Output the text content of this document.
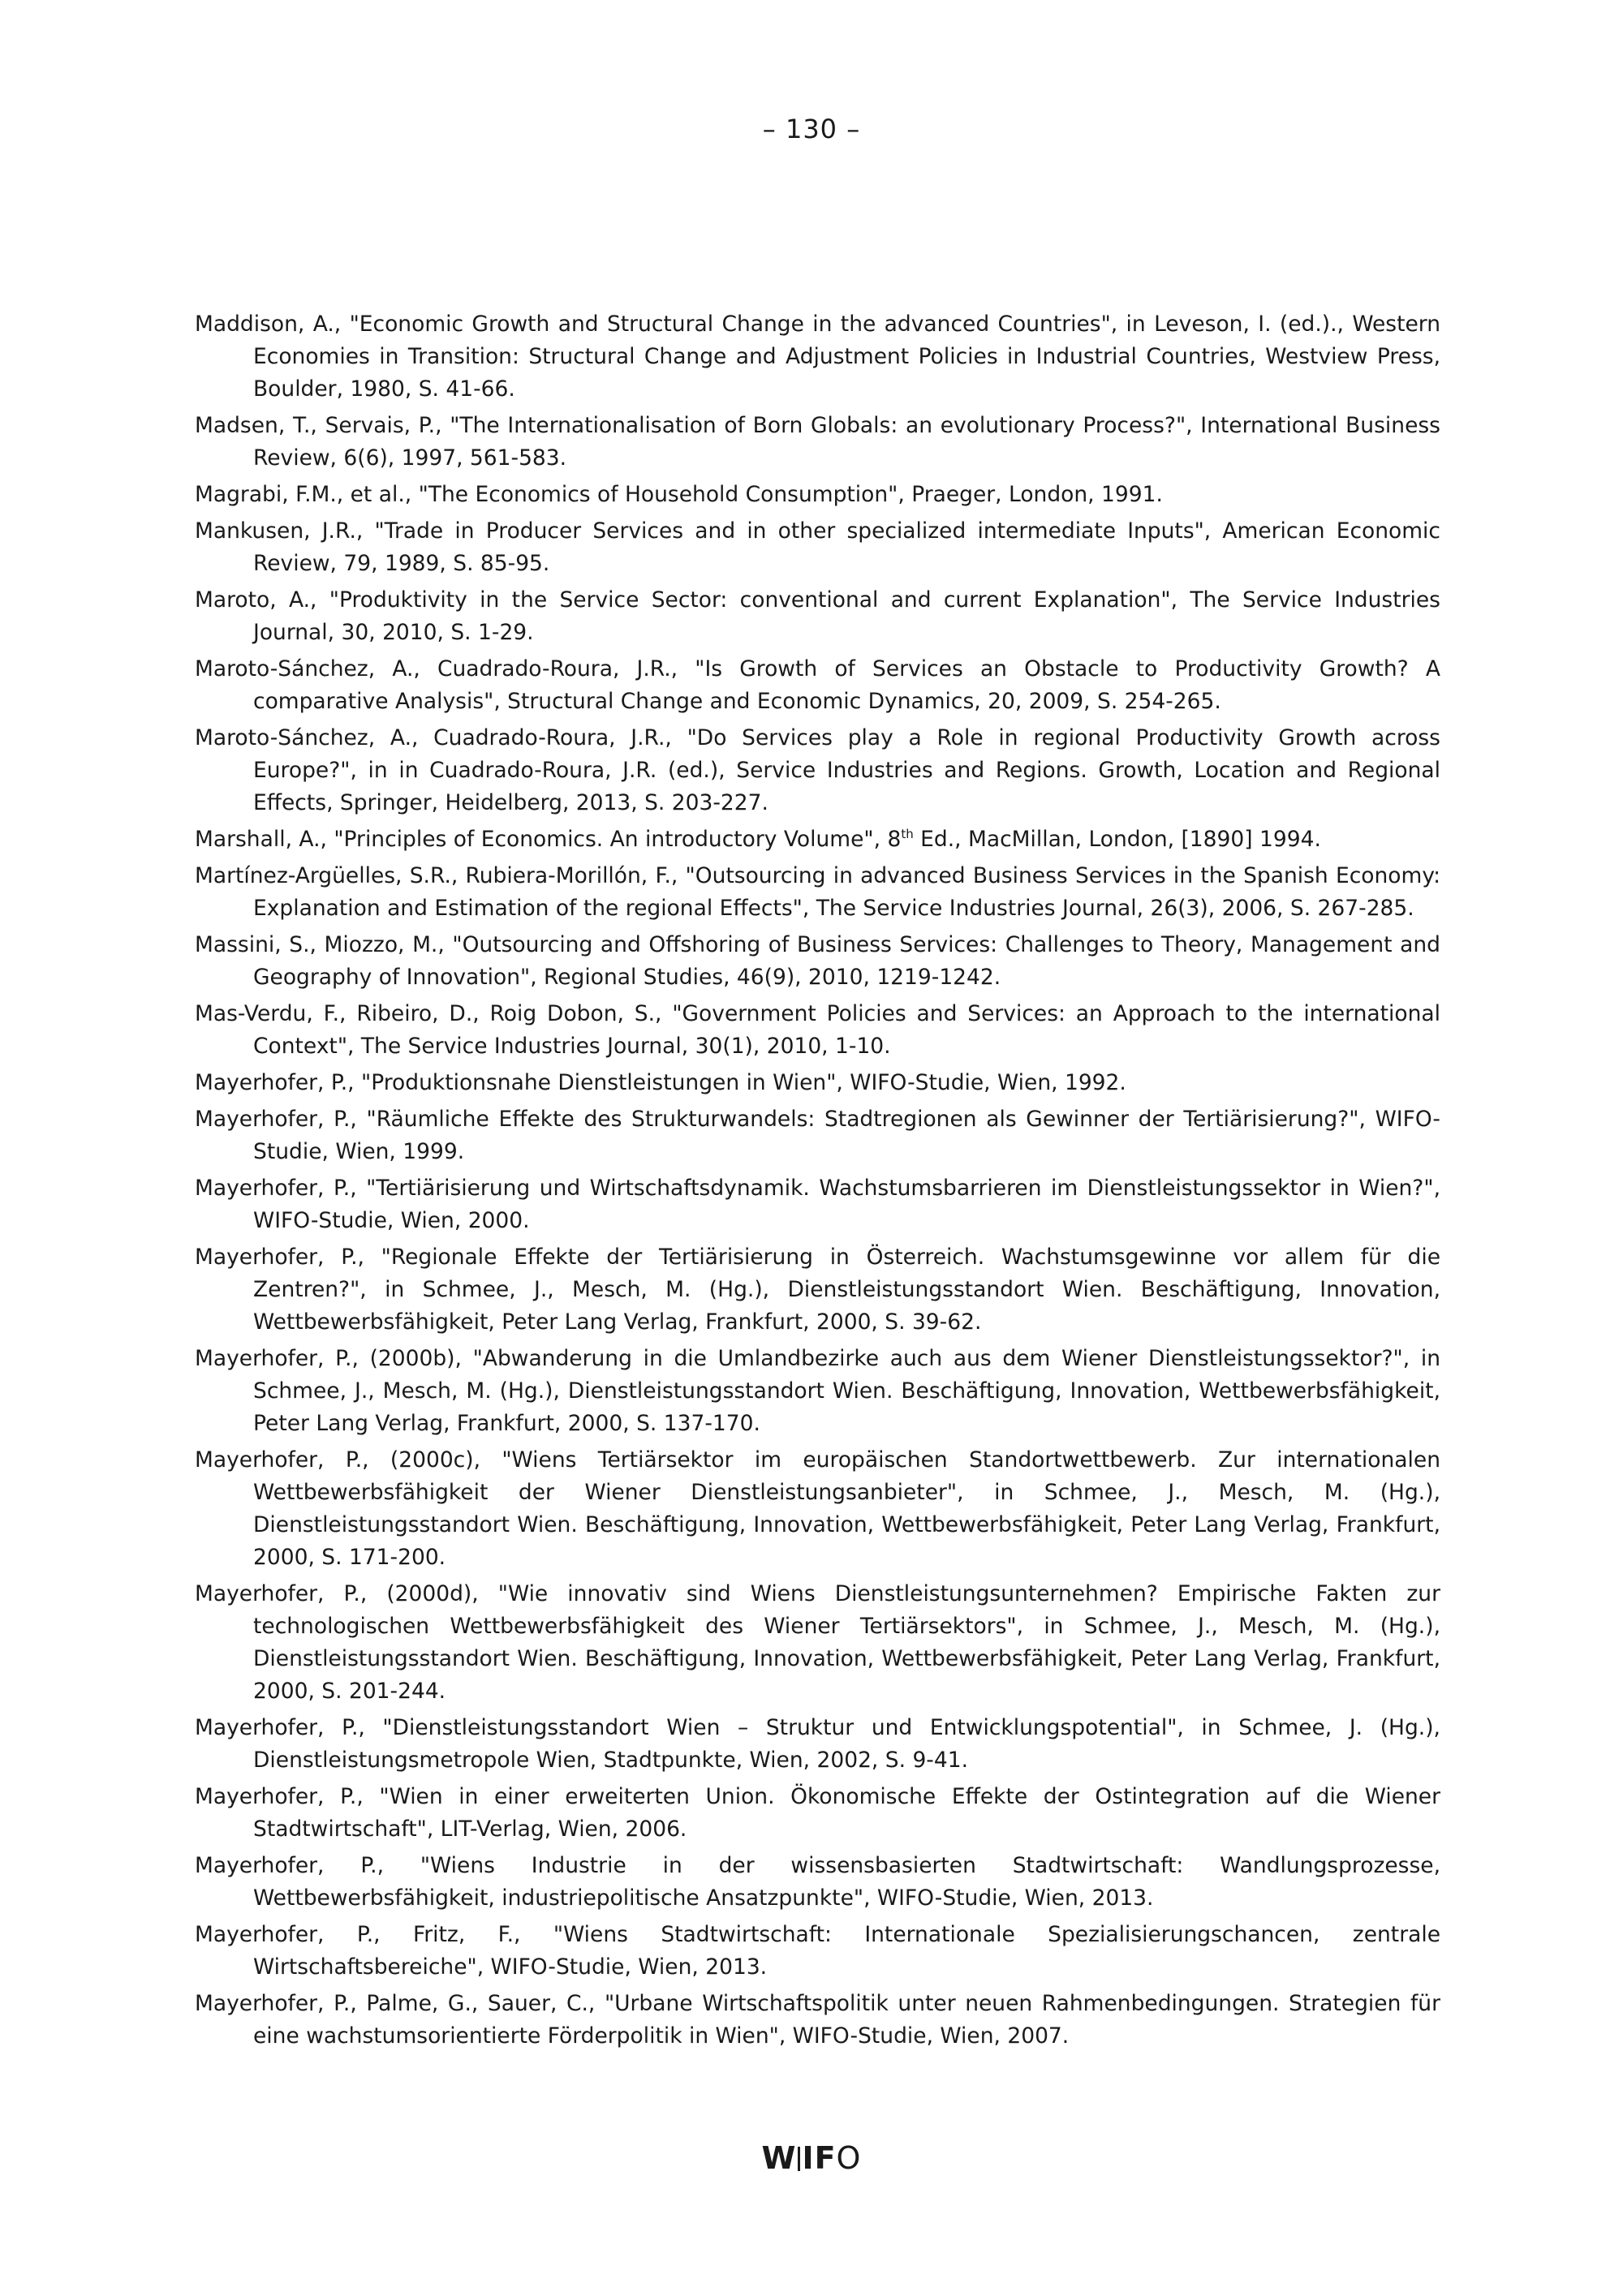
– 130 –

Maddison, A., "Economic Growth and Structural Change in the advanced Countries", in Leveson, I. (ed.)., Western Economies in Transition: Structural Change and Adjustment Policies in Industrial Countries, Westview Press, Boulder, 1980, S. 41-66.

Madsen, T., Servais, P., "The Internationalisation of Born Globals: an evolutionary Process?", International Business Review, 6(6), 1997, 561-583.

Magrabi, F.M., et al., "The Economics of Household Consumption", Praeger, London, 1991.

Mankusen, J.R., "Trade in Producer Services and in other specialized intermediate Inputs", American Economic Review, 79, 1989, S. 85-95.

Maroto, A., "Produktivity in the Service Sector: conventional and current Explanation", The Service Industries Journal, 30, 2010, S. 1-29.

Maroto-Sánchez, A., Cuadrado-Roura, J.R., "Is Growth of Services an Obstacle to Productivity Growth? A comparative Analysis", Structural Change and Economic Dynamics, 20, 2009, S. 254-265.

Maroto-Sánchez, A., Cuadrado-Roura, J.R., "Do Services play a Role in regional Productivity Growth across Europe?", in in Cuadrado-Roura, J.R. (ed.), Service Industries and Regions. Growth, Location and Regional Effects, Springer, Heidelberg, 2013, S. 203-227.

Marshall, A., "Principles of Economics. An introductory Volume", 8th Ed., MacMillan, London, [1890] 1994.

Martínez-Argüelles, S.R., Rubiera-Morillón, F., "Outsourcing in advanced Business Services in the Spanish Economy: Explanation and Estimation of the regional Effects", The Service Industries Journal, 26(3), 2006, S. 267-285.

Massini, S., Miozzo, M., "Outsourcing and Offshoring of Business Services: Challenges to Theory, Management and Geography of Innovation", Regional Studies, 46(9), 2010, 1219-1242.

Mas-Verdu, F., Ribeiro, D., Roig Dobon, S., "Government Policies and Services: an Approach to the international Context", The Service Industries Journal, 30(1), 2010, 1-10.

Mayerhofer, P., "Produktionsnahe Dienstleistungen in Wien", WIFO-Studie, Wien, 1992.

Mayerhofer, P., "Räumliche Effekte des Strukturwandels: Stadtregionen als Gewinner der Tertiärisierung?", WIFO-Studie, Wien, 1999.

Mayerhofer, P., "Tertiärisierung und Wirtschaftsdynamik. Wachstumsbarrieren im Dienstleistungssektor in Wien?", WIFO-Studie, Wien, 2000.

Mayerhofer, P., "Regionale Effekte der Tertiärisierung in Österreich. Wachstumsgewinne vor allem für die Zentren?", in Schmee, J., Mesch, M. (Hg.), Dienstleistungsstandort Wien. Beschäftigung, Innovation, Wettbewerbsfähigkeit, Peter Lang Verlag, Frankfurt, 2000, S. 39-62.

Mayerhofer, P., (2000b), "Abwanderung in die Umlandbezirke auch aus dem Wiener Dienstleistungssektor?", in Schmee, J., Mesch, M. (Hg.), Dienstleistungsstandort Wien. Beschäftigung, Innovation, Wettbewerbsfähigkeit, Peter Lang Verlag, Frankfurt, 2000, S. 137-170.

Mayerhofer, P., (2000c), "Wiens Tertiärsektor im europäischen Standortwettbewerb. Zur internationalen Wettbewerbsfähigkeit der Wiener Dienstleistungsanbieter", in Schmee, J., Mesch, M. (Hg.), Dienstleistungsstandort Wien. Beschäftigung, Innovation, Wettbewerbsfähigkeit, Peter Lang Verlag, Frankfurt, 2000, S. 171-200.

Mayerhofer, P., (2000d), "Wie innovativ sind Wiens Dienstleistungsunternehmen? Empirische Fakten zur technologischen Wettbewerbsfähigkeit des Wiener Tertiärsektors", in Schmee, J., Mesch, M. (Hg.), Dienstleistungsstandort Wien. Beschäftigung, Innovation, Wettbewerbsfähigkeit, Peter Lang Verlag, Frankfurt, 2000, S. 201-244.

Mayerhofer, P., "Dienstleistungsstandort Wien – Struktur und Entwicklungspotential", in Schmee, J. (Hg.), Dienstleistungsmetropole Wien, Stadtpunkte, Wien, 2002, S. 9-41.

Mayerhofer, P., "Wien in einer erweiterten Union. Ökonomische Effekte der Ostintegration auf die Wiener Stadtwirtschaft", LIT-Verlag, Wien, 2006.

Mayerhofer, P., "Wiens Industrie in der wissensbasierten Stadtwirtschaft: Wandlungsprozesse, Wettbewerbsfähigkeit, industriepolitische Ansatzpunkte", WIFO-Studie, Wien, 2013.

Mayerhofer, P., Fritz, F., "Wiens Stadtwirtschaft: Internationale Spezialisierungschancen, zentrale Wirtschaftsbereiche", WIFO-Studie, Wien, 2013.

Mayerhofer, P., Palme, G., Sauer, C., "Urbane Wirtschaftspolitik unter neuen Rahmenbedingungen. Strategien für eine wachstumsorientierte Förderpolitik in Wien", WIFO-Studie, Wien, 2007.

W IFO
